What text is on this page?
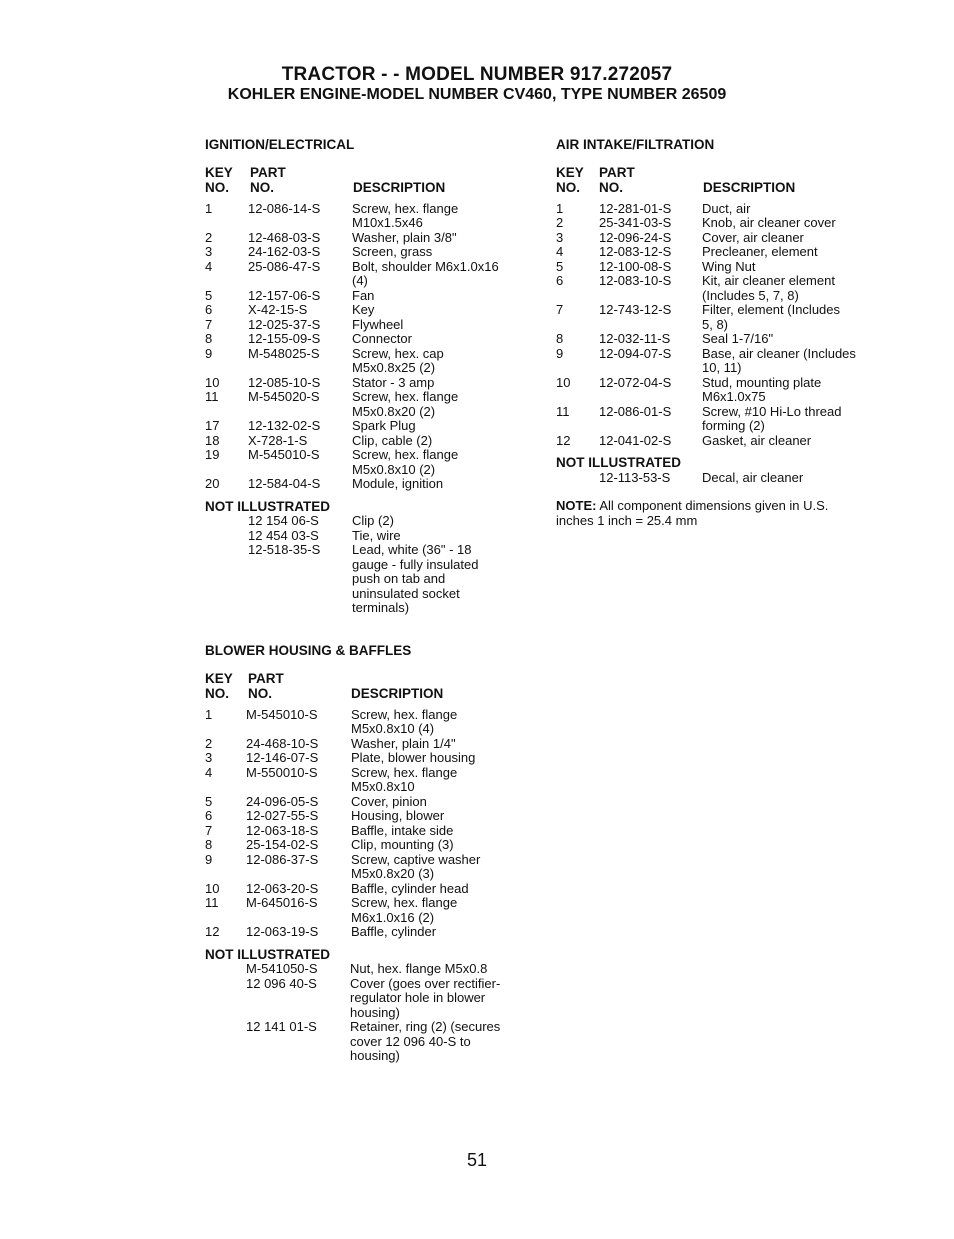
TRACTOR - - MODEL NUMBER 917.272057
KOHLER ENGINE-MODEL NUMBER CV460, TYPE NUMBER 26509
IGNITION/ELECTRICAL
KEY
NO.
PART
NO.	DESCRIPTION
1	12-086-14-S Screw, hex. flange
M10x1.5x46
2	12-468-03-S Washer, plain 3/8"
3	24-162-03-S Screen, grass
4	25-086-47-S Bolt, shoulder M6x1.0x16
(4)
5	12-157-06-S Fan
6	X-42-15-S	Key
7	12-025-37-S Flywheel
8	12-155-09-S Connector
9	M-548025-S Screw, hex. cap
M5x0.8x25 (2)
10 12-085-10-S Stator - 3 amp
11 M-545020-S Screw, hex. flange
M5x0.8x20 (2)
17 12-132-02-S Spark Plug
18 X-728-1-S	Clip, cable (2)
19 M-545010-S Screw, hex. flange
M5x0.8x10 (2)
20 12-584-04-S Module, ignition
NOT ILLUSTRATED
12 154 06-S	Clip (2)
12 454 03-S	Tie, wire
12-518-35-S Lead, white (36" - 18
gauge - fully insulated
push on tab and
uninsulated socket
terminals)
BLOWER HOUSING & BAFFLES
KEY
NO.
PART
NO.	DESCRIPTION
1	M-545010-S	Screw, hex. flange
M5x0.8x10 (4)
2	24-468-10-S	Washer, plain 1/4"
3	12-146-07-S	Plate, blower housing
4	M-550010-S	Screw, hex. flange
M5x0.8x10
5	24-096-05-S	Cover, pinion
6	12-027-55-S	Housing, blower
7	12-063-18-S	Baffle, intake side
8	25-154-02-S	Clip, mounting (3)
9	12-086-37-S	Screw, captive washer
M5x0.8x20 (3)
10 12-063-20-S	Baffle, cylinder head
11 M-645016-S	Screw, hex. flange
M6x1.0x16 (2)
12 12-063-19-S	Baffle, cylinder
NOT ILLUSTRATED
M-541050-S Nut, hex. flange M5x0.8
12 096 40-S	Cover (goes over rectifier-
regulator hole in blower
housing)
12 141 01-S	Retainer, ring (2) (secures
cover 12 096 40-S to
housing)
AIR INTAKE/FILTRATION
KEY
NO.
PART
NO.	DESCRIPTION
1	12-281-01-S Duct, air
2	25-341-03-S Knob, air cleaner cover
3	12-096-24-S Cover, air cleaner
4	12-083-12-S Precleaner, element
5	12-100-08-S Wing Nut
6	12-083-10-S Kit, air cleaner element
(Includes 5, 7, 8)
7	12-743-12-S Filter, element (Includes
5, 8)
8	12-032-11-S Seal 1-7/16"
9	12-094-07-S Base, air cleaner (Includes
10, 11)
10 12-072-04-S Stud, mounting plate
M6x1.0x75
11 12-086-01-S Screw, #10 Hi-Lo thread
forming (2)
12 12-041-02-S Gasket, air cleaner
NOT ILLUSTRATED
12-113-53-S Decal, air cleaner
NOTE: All component dimensions given in U.S.
inches 1 inch = 25.4 mm
51
